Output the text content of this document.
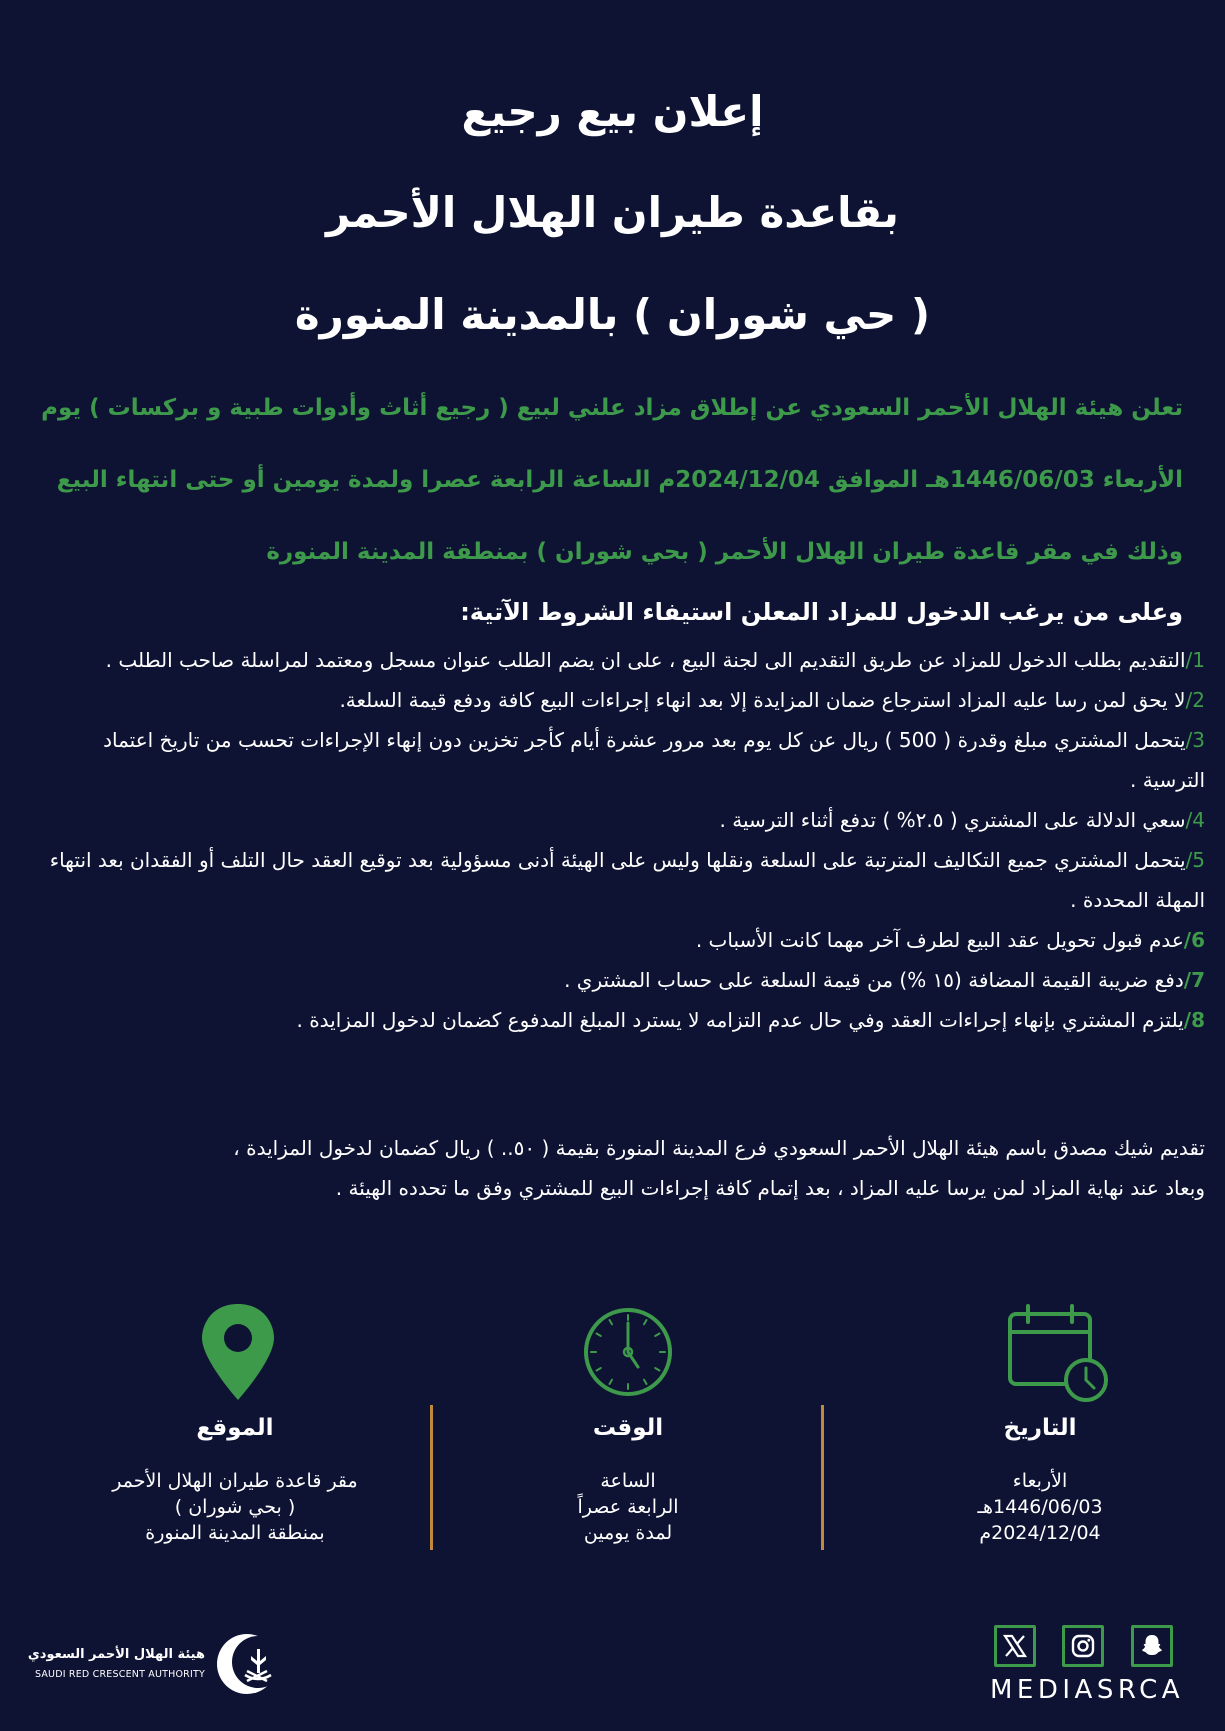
إعلان بيع رجيع
بقاعدة طيران الهلال الأحمر
( حي شوران ) بالمدينة المنورة
تعلن هيئة الهلال الأحمر السعودي عن إطلاق مزاد علني لبيع ( رجيع أثاث وأدوات طبية و بركسات ) يوم
الأربعاء 1446/06/03هـ الموافق 2024/12/04م الساعة الرابعة عصرا ولمدة يومين أو حتى انتهاء البيع
وذلك في مقر قاعدة طيران الهلال الأحمر ( بحي شوران ) بمنطقة المدينة المنورة
وعلى من يرغب الدخول للمزاد المعلن استيفاء الشروط الآتية:
1/التقديم بطلب الدخول للمزاد عن طريق التقديم الى لجنة البيع ، على ان يضم الطلب عنوان مسجل ومعتمد لمراسلة صاحب الطلب .
2/لا يحق لمن رسا عليه المزاد استرجاع ضمان المزايدة إلا بعد انهاء إجراءات البيع كافة ودفع قيمة السلعة.
3/يتحمل المشتري مبلغ وقدرة ( 500 ) ريال عن كل يوم بعد مرور عشرة أيام كأجر تخزين دون إنهاء الإجراءات تحسب من تاريخ اعتماد الترسية .
4/سعي الدلالة على المشتري ( ٢.٥% ) تدفع أثناء الترسية .
5/يتحمل المشتري جميع التكاليف المترتبة على السلعة ونقلها وليس على الهيئة أدنى مسؤولية بعد توقيع العقد حال التلف أو الفقدان بعد انتهاء المهلة المحددة .
6/عدم قبول تحويل عقد البيع لطرف آخر مهما كانت الأسباب .
7/دفع ضريبة القيمة المضافة (١٥ %) من قيمة السلعة على حساب المشتري .
8/يلتزم المشتري بإنهاء إجراءات العقد وفي حال عدم التزامه لا يسترد المبلغ المدفوع كضمان لدخول المزايدة .
تقديم شيك مصدق باسم هيئة الهلال الأحمر السعودي فرع المدينة المنورة بقيمة ( ٥٠.. ) ريال كضمان لدخول المزايدة ،
وبعاد عند نهاية المزاد لمن يرسا عليه المزاد ، بعد إتمام كافة إجراءات البيع للمشتري وفق ما تحدده الهيئة .
الموقع
مقر قاعدة طيران الهلال الأحمر
( بحي شوران )
بمنطقة المدينة المنورة
الوقت
الساعة
الرابعة عصراً
لمدة يومين
التاريخ
الأربعاء
1446/06/03هـ
2024/12/04م
هيئة الهلال الأحمر السعودي
SAUDI RED CRESCENT AUTHORITY
MEDIASRCA
